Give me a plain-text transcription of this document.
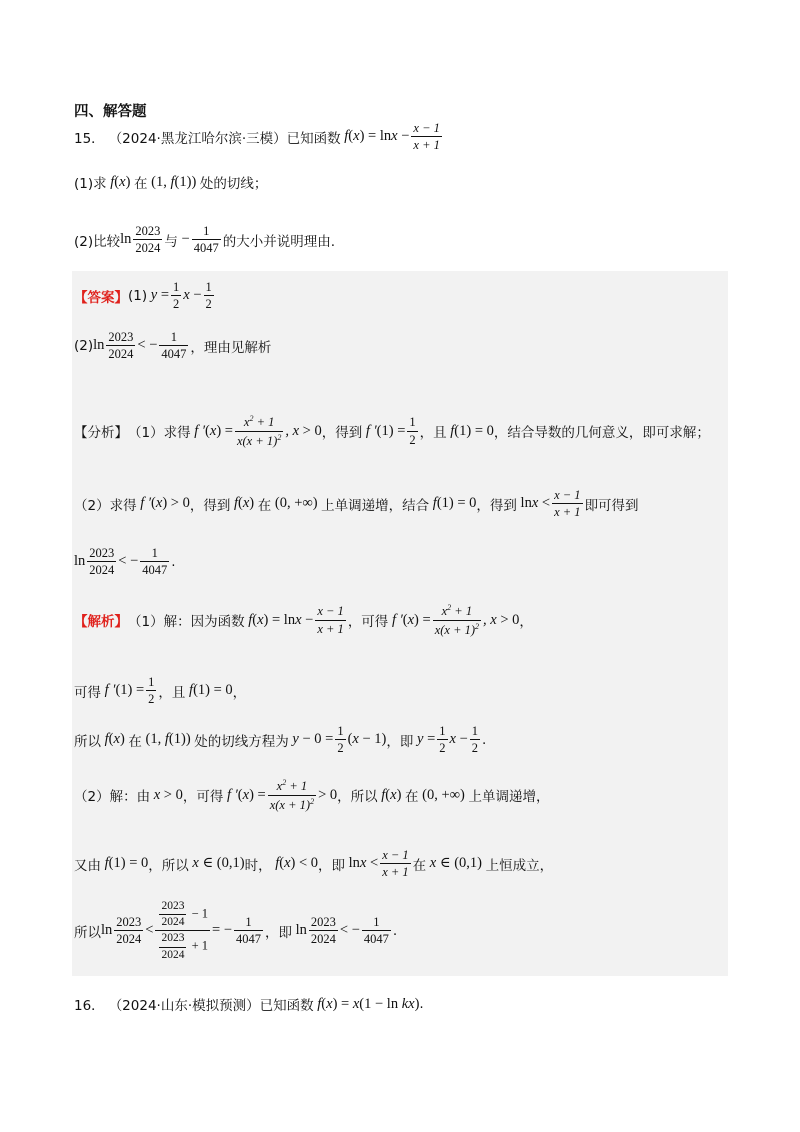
四、解答题
15． （2024·黑龙江哈尔滨·三模） 已知函数 $f(x) = \ln x - \frac{x - 1}{x + 1}$
(1)求 f(x) 在 (1, f(1)) 处的切线；
(2)比较 $\ln \frac{2023}{2024}$ 与 − $\frac{1}{4047}$ 的大小并说明理由.
【答案】 (1) $y = \frac{1}{2}$ $x - \frac{1}{2}$
(2) $\ln \frac{2023}{2024}$ < − $\frac{1}{4047}$ ，理由见解析
【分析】 （1）求得 f $'(x) = \frac{x^2 + 1}{x(x + 1)^2}$ , x > 0 ，得到 f $'(1) = \frac{1}{2}$ ，且 f(1) = 0 ，结合导数的几何意义，即可求解；
（2）求得 f ′(x) > 0 ，得到 f(x) 在 (0, +∞) 上单调递增，结合 f(1) = 0 ，得到 $\ln x < \frac{x - 1}{x + 1}$ 即可得到
$\ln \frac{2023}{2024}$ < − $\frac{1}{4047}$ .
【解析】 （1）解：因为函数 $f(x) = \ln x - \frac{x - 1}{x + 1}$ ，可得 f $'(x) = \frac{x^2 + 1}{x(x + 1)^2}$ , x > 0 ，
可得 f $'(1) = \frac{1}{2}$ ，且 f(1) = 0 ，
所以 f(x) 在 (1, f(1)) 处的切线方程为 $y - 0 = \frac{1}{2} (x - 1)$ ，即 $y = \frac{1}{2}$ $x - \frac{1}{2}$ .
（2）解：由 x > 0 ，可得 f $'(x) = \frac{x^2 + 1}{x(x + 1)^2} > 0$ ，所以 f(x) 在 (0, +∞) 上单调递增，
又由 f(1) = 0 ，所以 x ∈ (0,1) 时， f(x) < 0 ，即 $\ln x < \frac{x - 1}{x + 1}$ 在 x ∈ (0,1) 上恒成立，
所以 $\ln \frac{2023}{2024} < \frac{\frac{2023}{2024} - 1}{\frac{2023}{2024} + 1}$ = − $\frac{1}{4047}$ ，即 $\ln \frac{2023}{2024}$ < − $\frac{1}{4047}$ .
16． （2024·山东·模拟预测） 已知函数 f(x) = x(1 − ln kx) .
